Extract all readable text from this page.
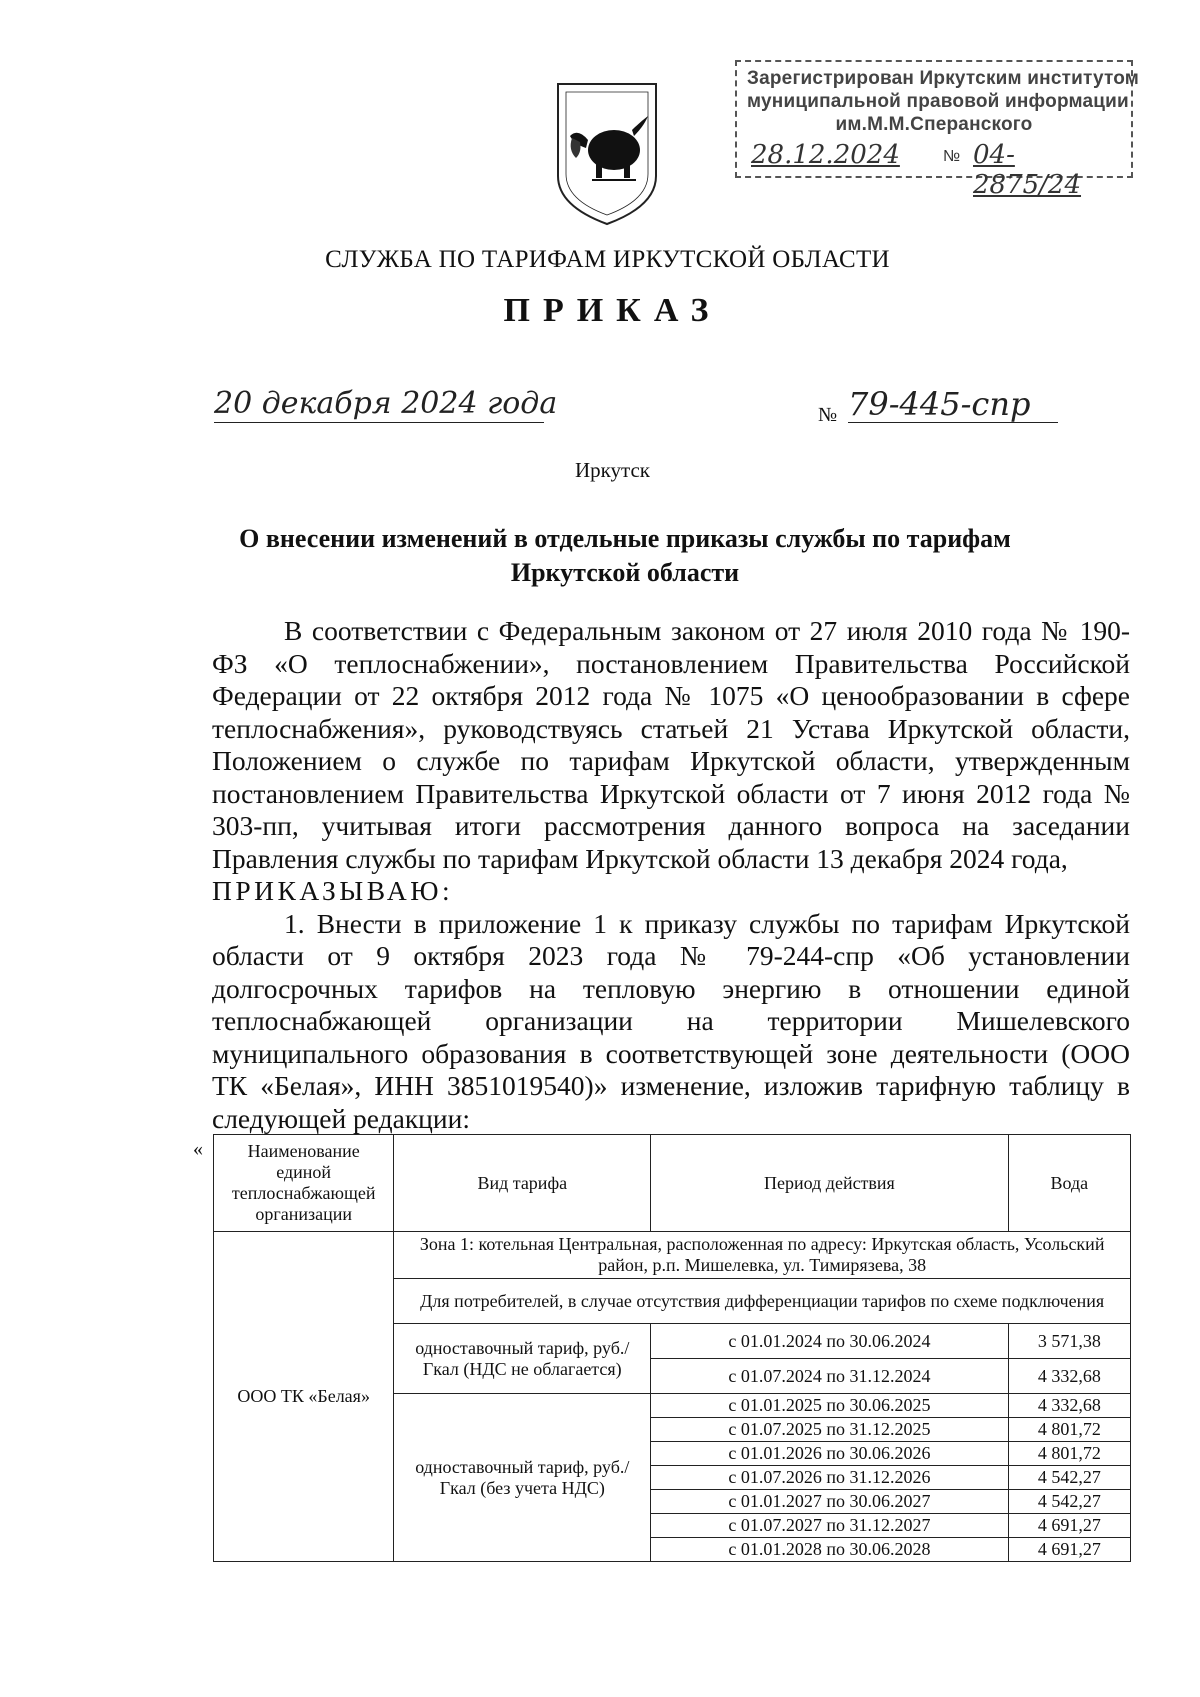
Зарегистрирован Иркутским институтом
муниципальной правовой информации
им.М.М.Сперанского
28.12.2024	№ 04-2875/24
СЛУЖБА ПО ТАРИФАМ ИРКУТСКОЙ ОБЛАСТИ
ПРИКАЗ
20 декабря 2024 года	№ 79-445-спр
Иркутск
О внесении изменений в отдельные приказы службы по тарифам
Иркутской области

В соответствии с Федеральным законом от 27 июля 2010 года № 190-ФЗ «О теплоснабжении», постановлением Правительства Российской Федерации от 22 октября 2012 года № 1075 «О ценообразовании в сфере теплоснабжения», руководствуясь статьей 21 Устава Иркутской области, Положением о службе по тарифам Иркутской области, утвержденным постановлением Правительства Иркутской области от 7 июня 2012 года № 303-пп, учитывая итоги рассмотрения данного вопроса на заседании Правления службы по тарифам Иркутской области 13 декабря 2024 года,

ПРИКАЗЫВАЮ:

1. Внести в приложение 1 к приказу службы по тарифам Иркутской области от 9 октября 2023 года № 79-244-спр «Об установлении долгосрочных тарифов на тепловую энергию в отношении единой теплоснабжающей организации на территории Мишелевского муниципального образования в соответствующей зоне деятельности (ООО ТК «Белая», ИНН 3851019540)» изменение, изложив тарифную таблицу в следующей редакции:

« Наименование единой теплоснабжающей организации	Вид тарифа	Период действия	Вода
ООО ТК «Белая»	Зона 1: котельная Центральная, расположенная по адресу: Иркутская область, Усольский район, р.п. Мишелевка, ул. Тимирязева, 38		
	Для потребителей, в случае отсутствия дифференциации тарифов по схеме подключения		
	одноставочный тариф, руб./Гкал (НДС не облагается)	с 01.01.2024 по 30.06.2024	3 571,38
		с 01.07.2024 по 31.12.2024	4 332,68
	одноставочный тариф, руб./Гкал (без учета НДС)	с 01.01.2025 по 30.06.2025	4 332,68
		с 01.07.2025 по 31.12.2025	4 801,72
		с 01.01.2026 по 30.06.2026	4 801,72
		с 01.07.2026 по 31.12.2026	4 542,27
		с 01.01.2027 по 30.06.2027	4 542,27
		с 01.07.2027 по 31.12.2027	4 691,27
		с 01.01.2028 по 30.06.2028	4 691,27
